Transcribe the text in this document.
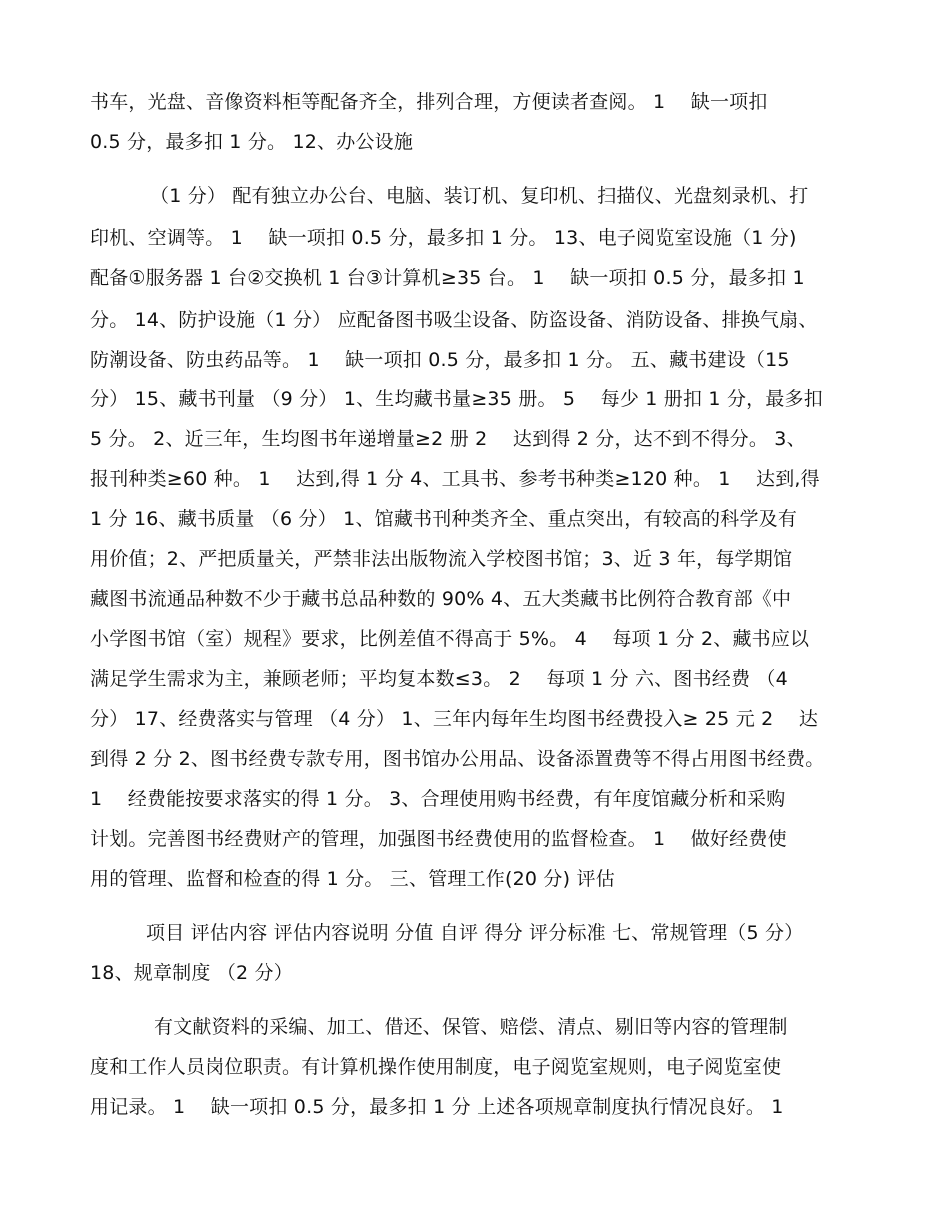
书车，光盘、音像资料柜等配备齐全，排列合理，方便读者查阅。 1　 缺一项扣
0.5 分，最多扣 1 分。 12、办公设施
（1 分） 配有独立办公台、电脑、装订机、复印机、扫描仪、光盘刻录机、打
印机、空调等。 1　 缺一项扣 0.5 分，最多扣 1 分。 13、电子阅览室设施（1 分)
配备①服务器 1 台②交换机 1 台③计算机≥35 台。 1　 缺一项扣 0.5 分，最多扣 1
分。 14、防护设施（1 分） 应配备图书吸尘设备、防盗设备、消防设备、排换气扇、
防潮设备、防虫药品等。 1　 缺一项扣 0.5 分，最多扣 1 分。 五、藏书建设（15
分） 15、藏书刊量 （9 分） 1、生均藏书量≥35 册。 5　 每少 1 册扣 1 分，最多扣
5 分。 2、近三年，生均图书年递增量≥2 册 2　 达到得 2 分，达不到不得分。 3、
报刊种类≥60 种。 1　 达到,得 1 分 4、工具书、参考书种类≥120 种。 1　 达到,得
1 分 16、藏书质量 （6 分） 1、馆藏书刊种类齐全、重点突出，有较高的科学及有
用价值；2、严把质量关，严禁非法出版物流入学校图书馆；3、近 3 年，每学期馆
藏图书流通品种数不少于藏书总品种数的 90% 4、五大类藏书比例符合教育部《中
小学图书馆（室）规程》要求，比例差值不得高于 5%。 4　 每项 1 分 2、藏书应以
满足学生需求为主，兼顾老师；平均复本数≤3。 2　 每项 1 分 六、图书经费 （4
分） 17、经费落实与管理 （4 分） 1、三年内每年生均图书经费投入≥ 25 元 2　 达
到得 2 分 2、图书经费专款专用，图书馆办公用品、设备添置费等不得占用图书经费。
1　 经费能按要求落实的得 1 分。 3、合理使用购书经费，有年度馆藏分析和采购
计划。完善图书经费财产的管理，加强图书经费使用的监督检查。 1　 做好经费使
用的管理、监督和检查的得 1 分。 三、管理工作(20 分) 评估
项目 评估内容 评估内容说明 分值 自评 得分 评分标准 七、常规管理（5 分）
18、规章制度 （2 分）
有文献资料的采编、加工、借还、保管、赔偿、清点、剔旧等内容的管理制
度和工作人员岗位职责。有计算机操作使用制度，电子阅览室规则，电子阅览室使
用记录。 1　 缺一项扣 0.5 分，最多扣 1 分 上述各项规章制度执行情况良好。 1
